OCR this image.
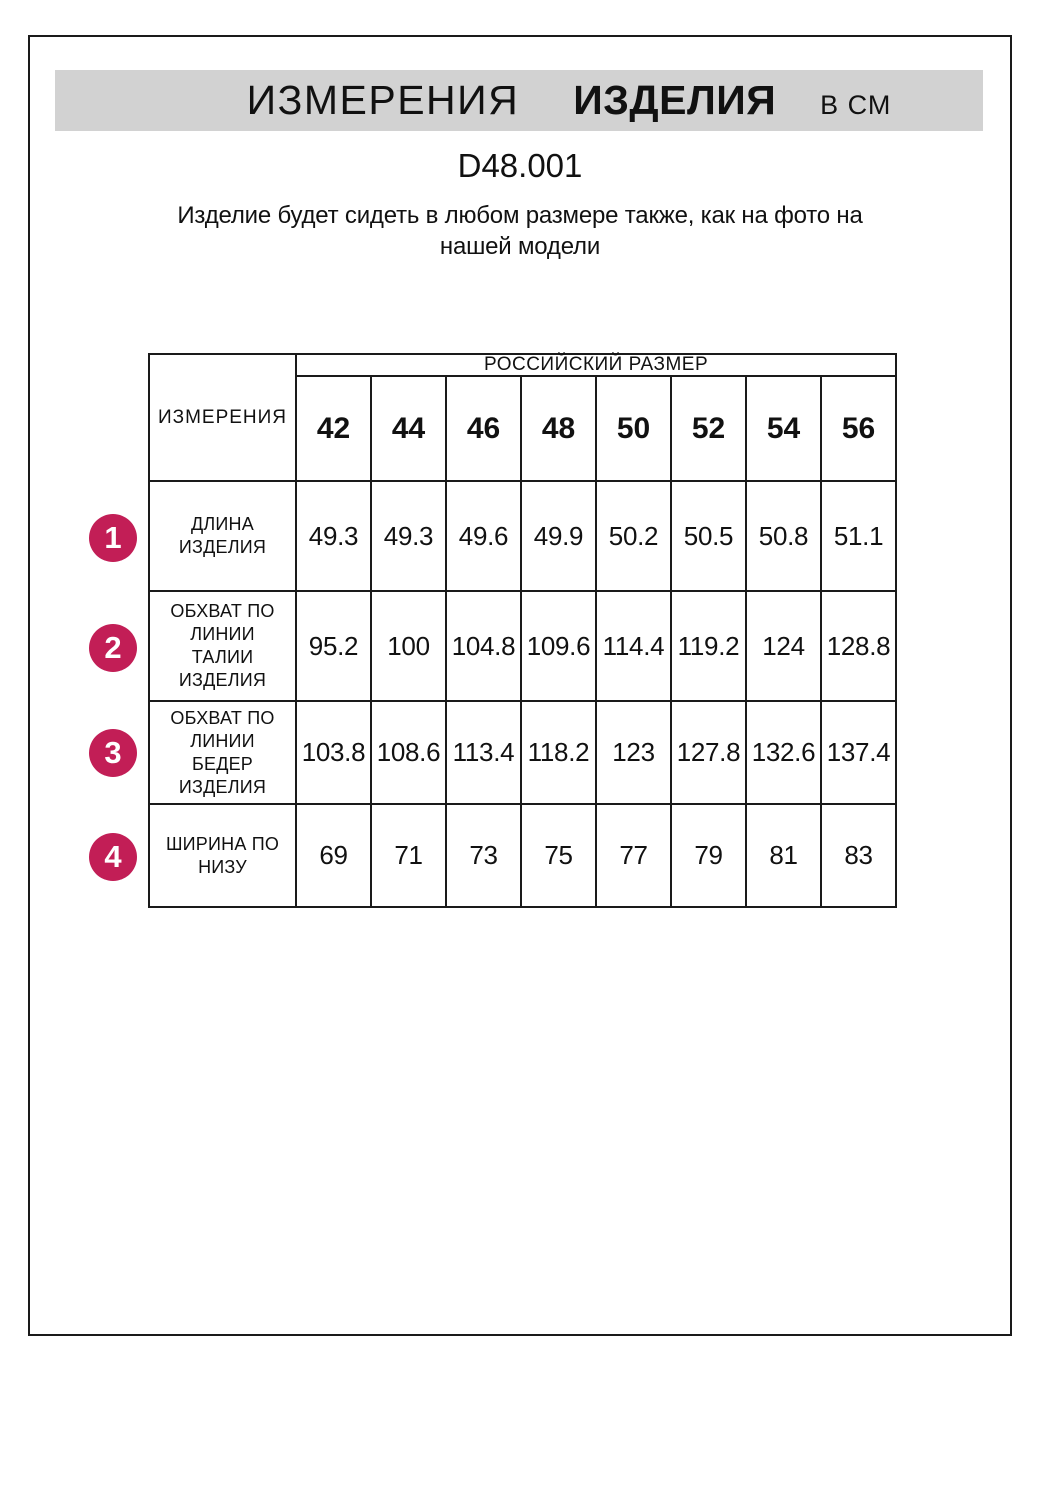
ИЗМЕРЕНИЯ ИЗДЕЛИЯ В СМ
D48.001
Изделие будет сидеть в любом размере также, как на фото на
нашей модели
1
2
3
4
ИЗМЕРЕНИЯ	РОССИЙСКИЙ РАЗМЕР							
	42	44	46	48	50	52	54	56
ДЛИНА ИЗДЕЛИЯ	49.3	49.3	49.6	49.9	50.2	50.5	50.8	51.1
ОБХВАТ ПО ЛИНИИ ТАЛИИ ИЗДЕЛИЯ	95.2	100	104.8	109.6	114.4	119.2	124	128.8
ОБХВАТ ПО ЛИНИИ БЕДЕР ИЗДЕЛИЯ	103.8	108.6	113.4	118.2	123	127.8	132.6	137.4
ШИРИНА ПО НИЗУ	69	71	73	75	77	79	81	83
